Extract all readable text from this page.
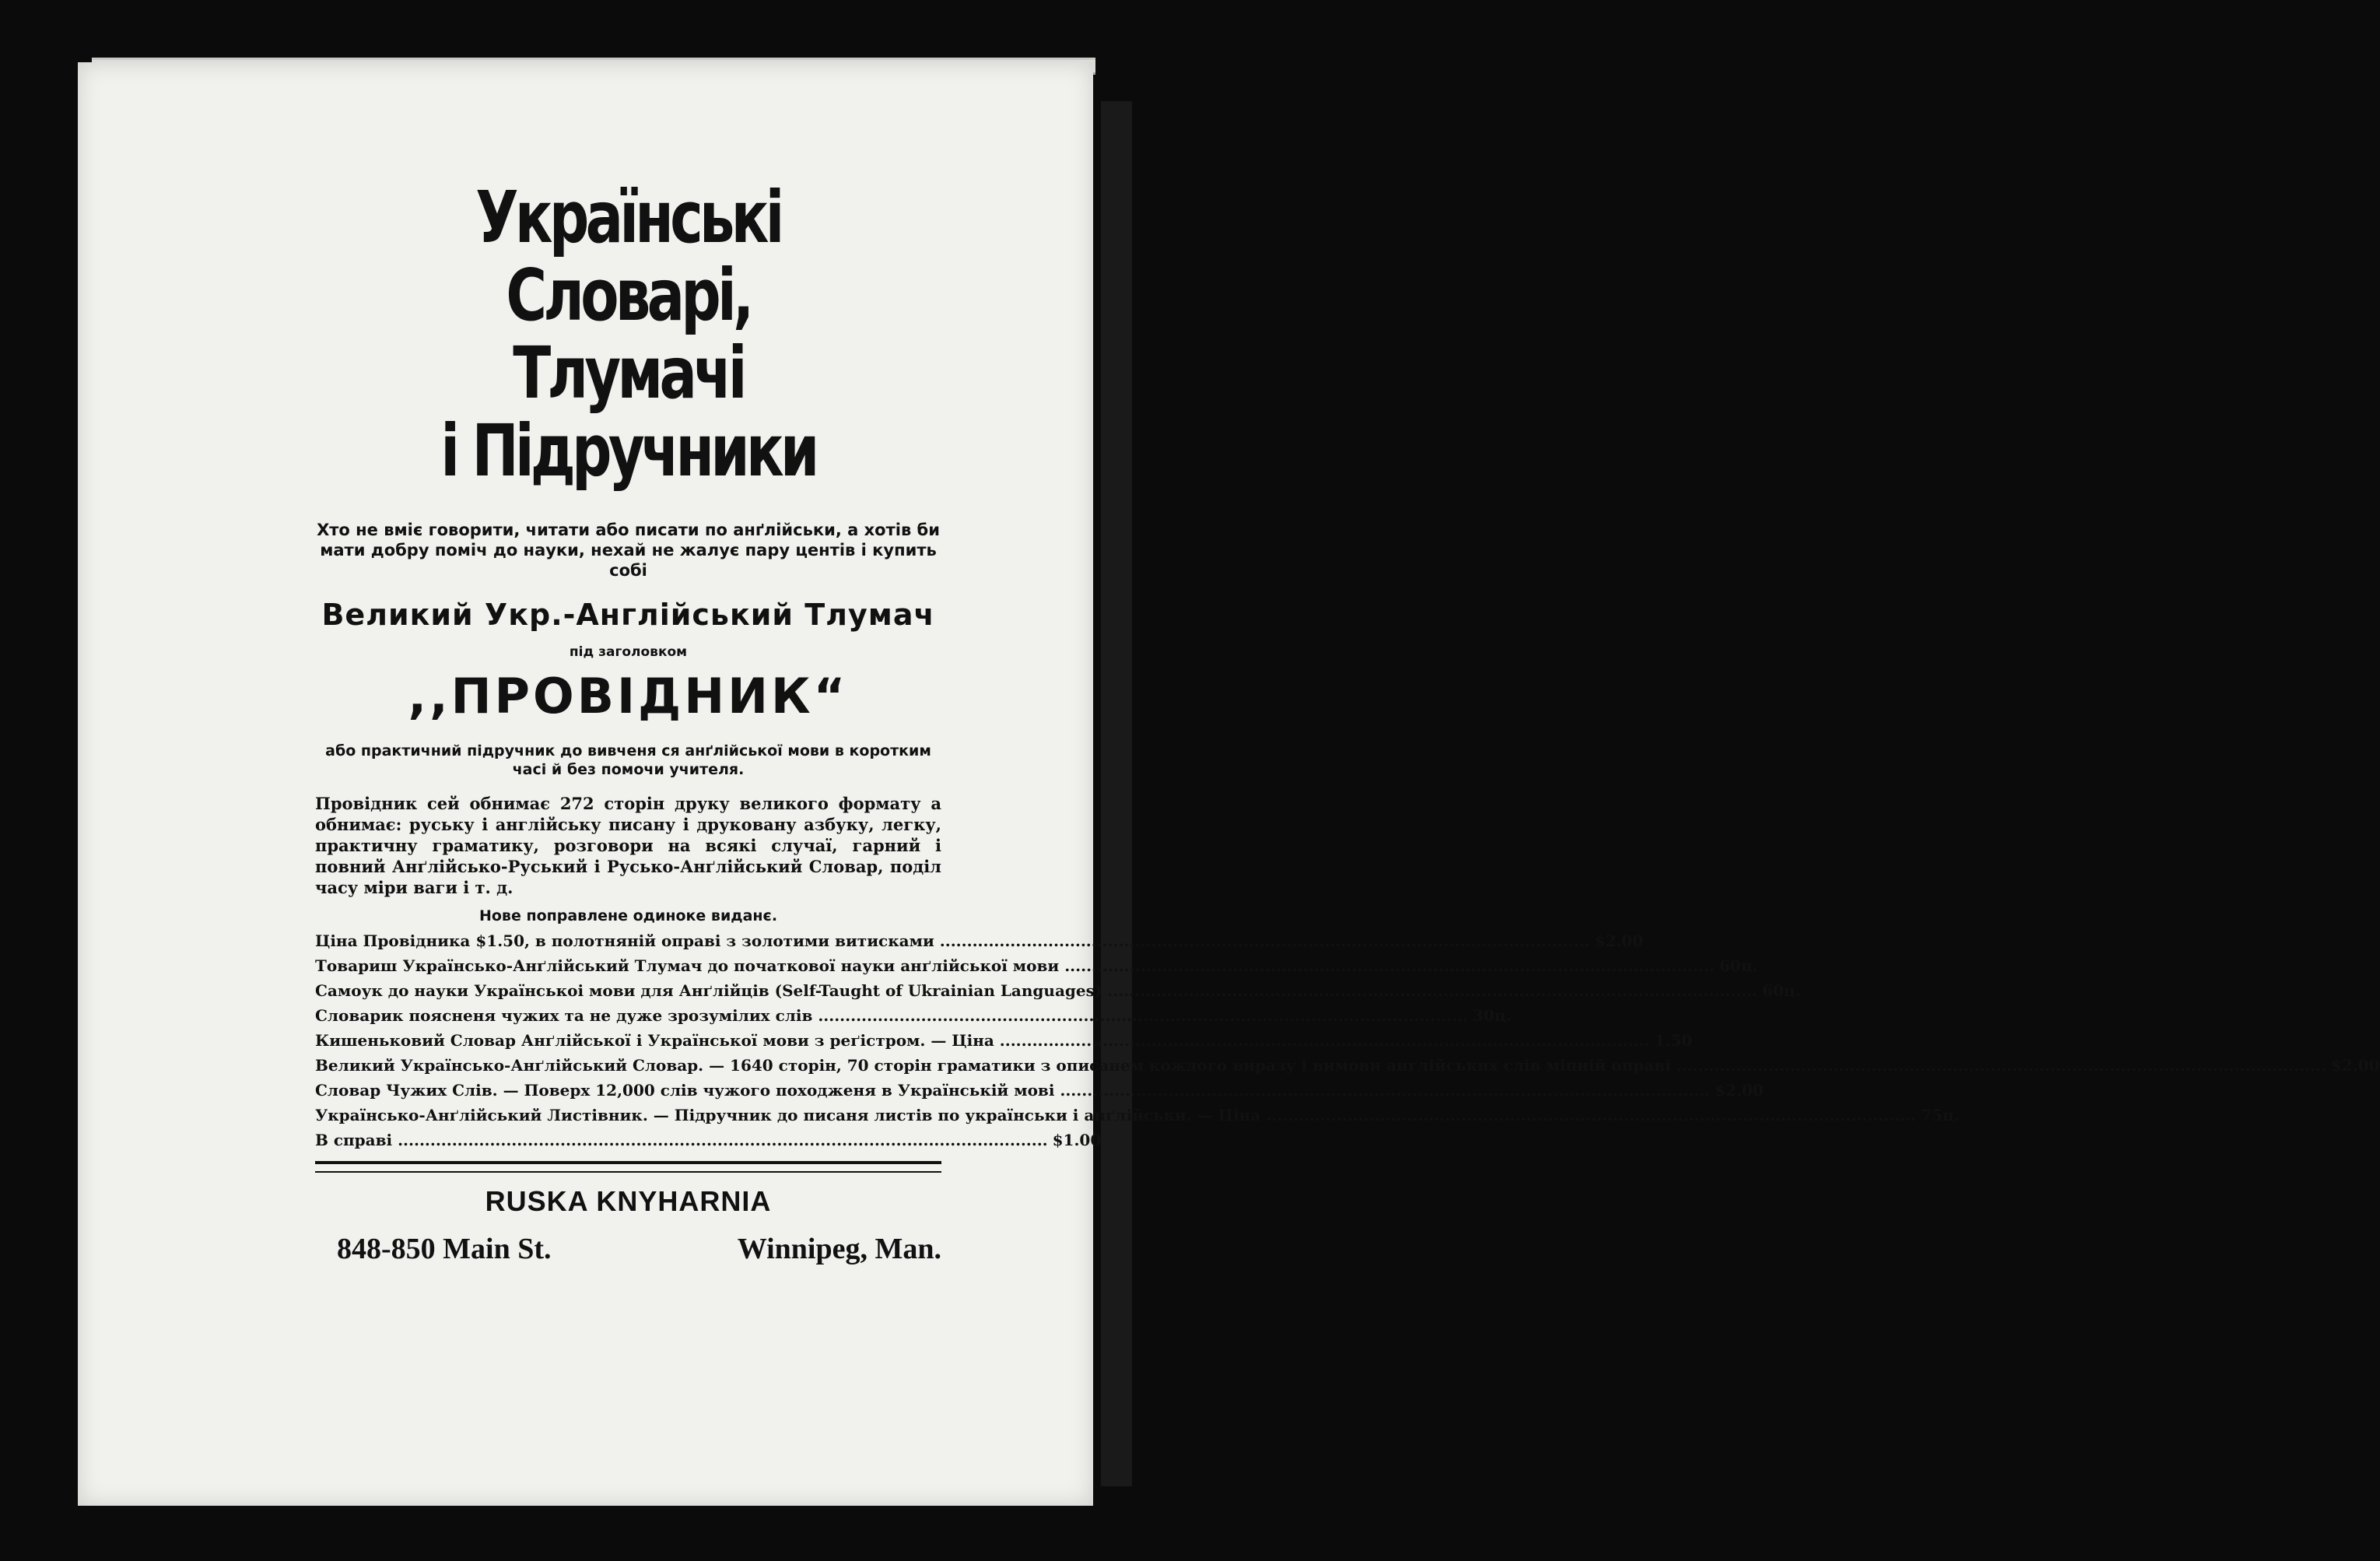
Українські Словарі, Тлумачі

і Підручники

Хто не вміє говорити, читати або писати по анґлійськи, а хотів би мати добру поміч до науки, нехай не жалує пару центів і купить собі
Великий Укр.-Англійський Тлумач
під заголовком
,,ПРОВІДНИК“
або практичний підручник до вивченя ся анґлійської мови в коротким часі й без помочи учителя.
Провідник сей обнимає 272 сторін друку великого формату а обнимає: руську і англійську писану і друковану азбуку, легку, практичну граматику, розговори на всякі случаї, гарний і повний Анґлійсько-Руський і Русько-Анґлійський Словар, поділ часу міри ваги і т. д.
Нове поправлене одиноке виданє.
Ціна Провідника $1.50, в полотняній оправі з золотими витисками .....	$2.00
Товариш Українсько-Анґлійський Тлумач до початкової науки анґлійської мови .....	60ц.
Самоук до науки Українськоі мови для Анґлійців (Self-Taught of Ukrainian Languages) .....	60ц.
Словарик поясненя чужих та не дуже зрозумілих слів .....	30ц.
Кишеньковий Словар Анґлійської і Української мови з реґістром. — Ціна .....	1.50
Великий Українсько-Анґлійський Словар. — 1640 сторін, 70 сторін граматики з описанем кождого виразу і вимови анґлійських слів міцній оправі .....	$2.00
Словар Чужих Слів. — Поверх 12,000 слів чужого походженя в Українській мові .....	$2.00
Українсько-Анґлійський Листівник. — Підручник до писаня листів по українськи і анґлійськи. — Ціна .....	75ц.
В справі .....	$1.00
RUSKA KNYHARNIA
848-850 Main St.	Winnipeg, Man.
